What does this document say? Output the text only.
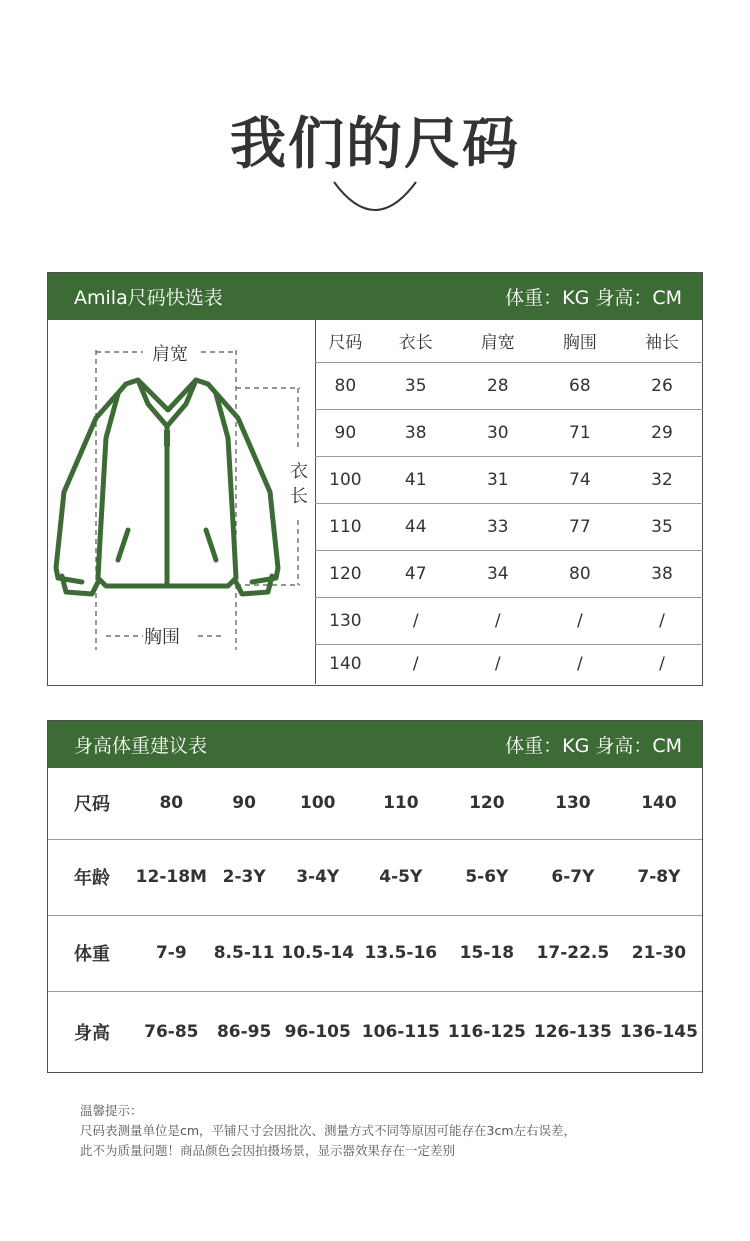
我们的尺码
Amila尺码快选表	体重：KG 身高：CM
肩宽
衣
长
胸围
尺码	衣长	肩宽	胸围	袖长
80	35	28	68	26
90	38	30	71	29
100	41	31	74	32
110	44	33	77	35
120	47	34	80	38
130	/	/	/	/
140	/	/	/	/
身高体重建议表	体重：KG 身高：CM
尺码	80	90	100	110	120	130	140
年龄	12-18M	2-3Y	3-4Y	4-5Y	5-6Y	6-7Y	7-8Y
体重	7-9	8.5-11	10.5-14	13.5-16	15-18	17-22.5	21-30
身高	76-85	86-95	96-105	106-115	116-125	126-135	136-145
温馨提示：
尺码表测量单位是cm，平铺尺寸会因批次、测量方式不同等原因可能存在3cm左右误差，
此不为质量问题！商品颜色会因拍摄场景，显示器效果存在一定差别
